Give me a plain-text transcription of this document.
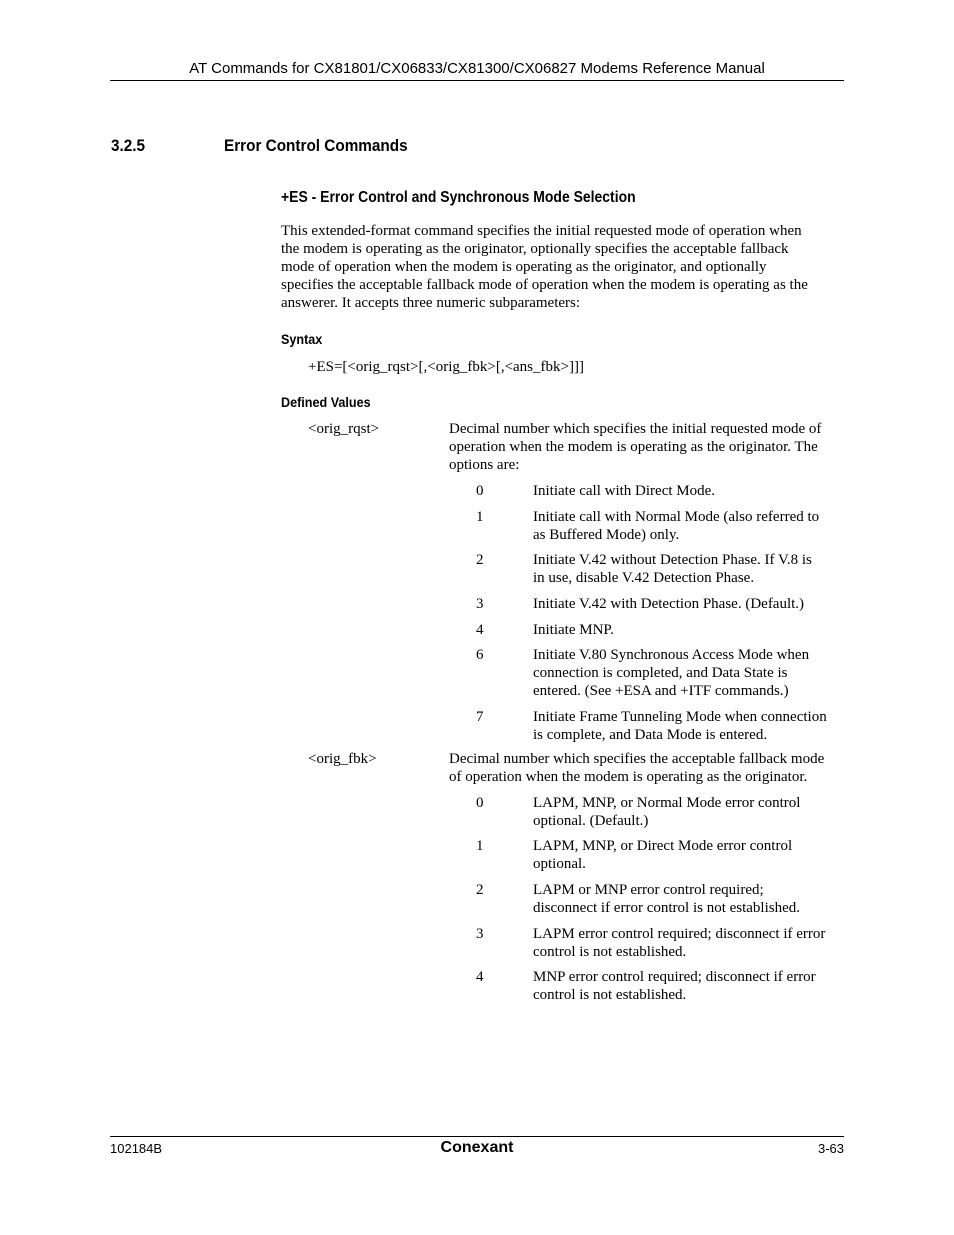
AT Commands for CX81801/CX06833/CX81300/CX06827 Modems Reference Manual
3.2.5	Error Control Commands
+ES - Error Control and Synchronous Mode Selection
This extended-format command specifies the initial requested mode of operation when
the modem is operating as the originator, optionally specifies the acceptable fallback
mode of operation when the modem is operating as the originator, and optionally
specifies the acceptable fallback mode of operation when the modem is operating as the
answerer. It accepts three numeric subparameters:
Syntax
+ES=[<orig_rqst>[,<orig_fbk>[,<ans_fbk>]]]
Defined Values
<orig_rqst>	Decimal number which specifies the initial requested mode of
operation when the modem is operating as the originator. The
options are:
0	Initiate call with Direct Mode.
1	Initiate call with Normal Mode (also referred to
as Buffered Mode) only.
2	Initiate V.42 without Detection Phase. If V.8 is
in use, disable V.42 Detection Phase.
3	Initiate V.42 with Detection Phase. (Default.)
4	Initiate MNP.
6	Initiate V.80 Synchronous Access Mode when
connection is completed, and Data State is
entered. (See +ESA and +ITF commands.)
7	Initiate Frame Tunneling Mode when connection
is complete, and Data Mode is entered.
<orig_fbk>	Decimal number which specifies the acceptable fallback mode
of operation when the modem is operating as the originator.
0	LAPM, MNP, or Normal Mode error control
optional. (Default.)
1	LAPM, MNP, or Direct Mode error control
optional.
2	LAPM or MNP error control required;
disconnect if error control is not established.
3	LAPM error control required; disconnect if error
control is not established.
4	MNP error control required; disconnect if error
control is not established.
102184B	Conexant	3-63
